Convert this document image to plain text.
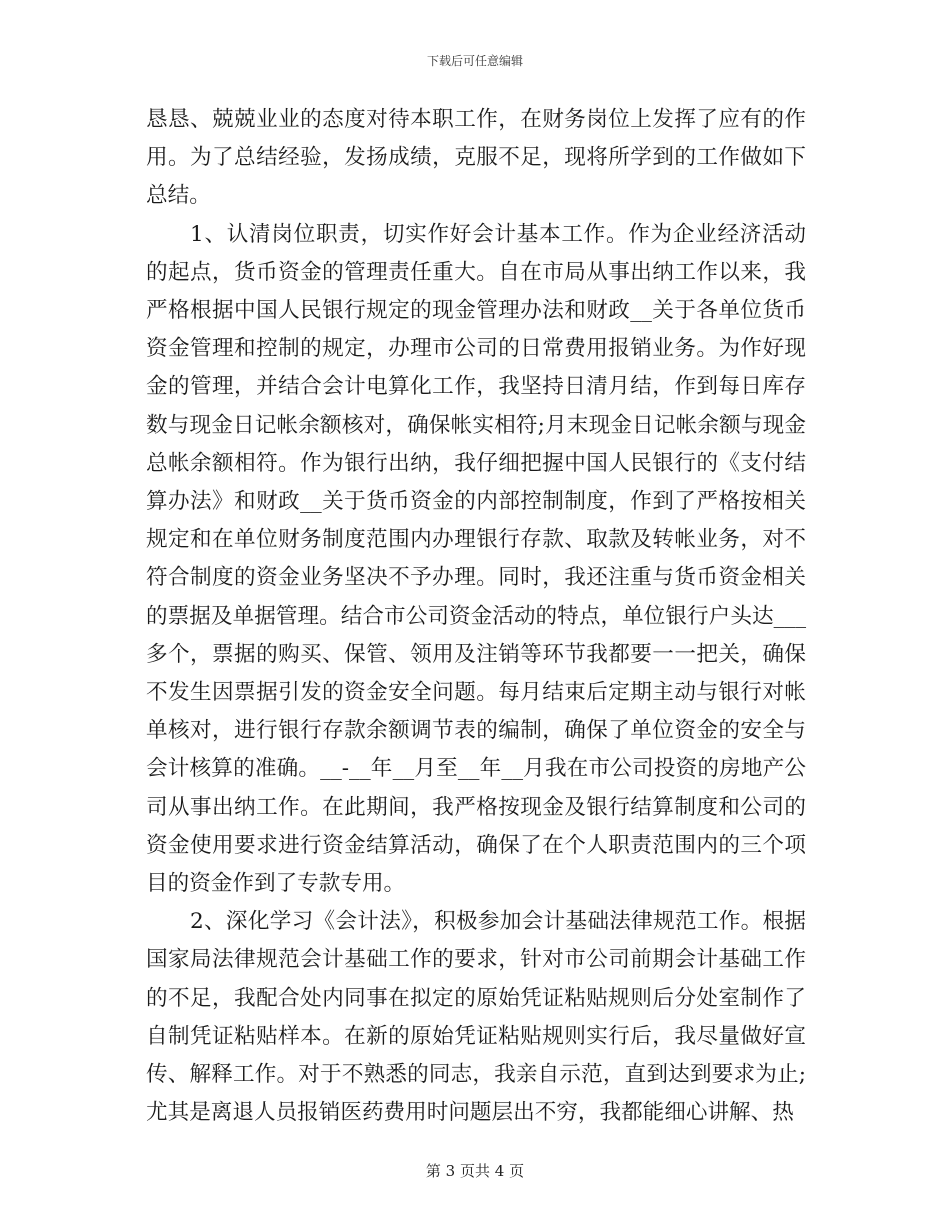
下载后可任意编辑

恳恳、兢兢业业的态度对待本职工作，在财务岗位上发挥了应有的作用。为了总结经验，发扬成绩，克服不足，现将所学到的工作做如下总结。

1、认清岗位职责，切实作好会计基本工作。作为企业经济活动的起点，货币资金的管理责任重大。自在市局从事出纳工作以来，我严格根据中国人民银行规定的现金管理办法和财政__关于各单位货币资金管理和控制的规定，办理市公司的日常费用报销业务。为作好现金的管理，并结合会计电算化工作，我坚持日清月结，作到每日库存数与现金日记帐余额核对，确保帐实相符;月末现金日记帐余额与现金总帐余额相符。作为银行出纳，我仔细把握中国人民银行的《支付结算办法》和财政__关于货币资金的内部控制制度，作到了严格按相关规定和在单位财务制度范围内办理银行存款、取款及转帐业务，对不符合制度的资金业务坚决不予办理。同时，我还注重与货币资金相关的票据及单据管理。结合市公司资金活动的特点，单位银行户头达___多个，票据的购买、保管、领用及注销等环节我都要一一把关，确保不发生因票据引发的资金安全问题。每月结束后定期主动与银行对帐单核对，进行银行存款余额调节表的编制，确保了单位资金的安全与会计核算的准确。__-__年__月至__年__月我在市公司投资的房地产公司从事出纳工作。在此期间，我严格按现金及银行结算制度和公司的资金使用要求进行资金结算活动，确保了在个人职责范围内的三个项目的资金作到了专款专用。

2、深化学习《会计法》，积极参加会计基础法律规范工作。根据国家局法律规范会计基础工作的要求，针对市公司前期会计基础工作的不足，我配合处内同事在拟定的原始凭证粘贴规则后分处室制作了自制凭证粘贴样本。在新的原始凭证粘贴规则实行后，我尽量做好宣传、解释工作。对于不熟悉的同志，我亲自示范，直到达到要求为止;尤其是离退人员报销医药费用时问题层出不穷，我都能细心讲解、热

第 3 页共 4 页
